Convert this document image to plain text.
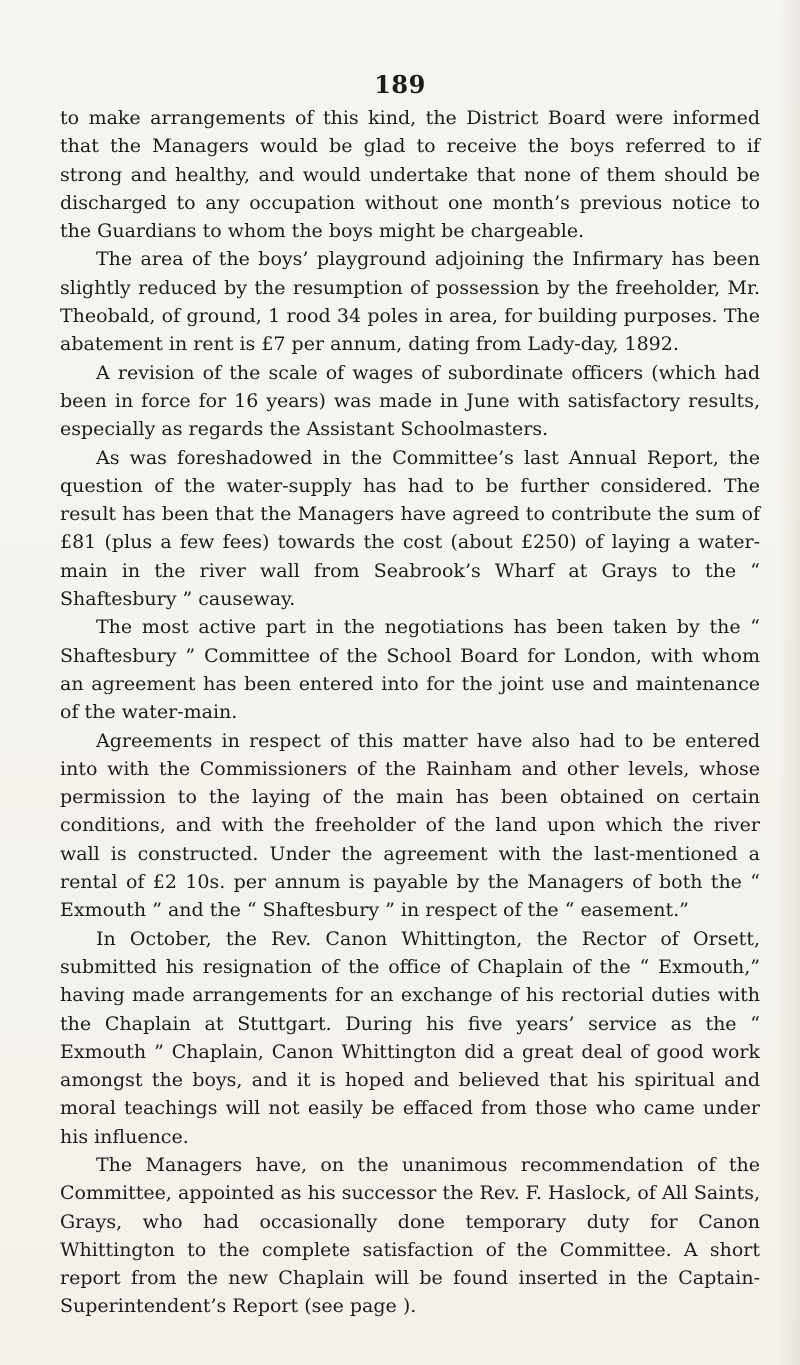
189

to make arrangements of this kind, the District Board were informed that the Managers would be glad to receive the boys referred to if strong and healthy, and would undertake that none of them should be discharged to any occupation without one month’s previous notice to the Guardians to whom the boys might be chargeable.

The area of the boys’ playground adjoining the Infirmary has been slightly reduced by the resumption of possession by the freeholder, Mr. Theobald, of ground, 1 rood 34 poles in area, for building purposes. The abatement in rent is £7 per annum, dating from Lady-day, 1892.

A revision of the scale of wages of subordinate officers (which had been in force for 16 years) was made in June with satisfactory results, especially as regards the Assistant Schoolmasters.

As was foreshadowed in the Committee’s last Annual Report, the question of the water-supply has had to be further considered. The result has been that the Managers have agreed to contribute the sum of £81 (plus a few fees) towards the cost (about £250) of laying a water-main in the river wall from Seabrook’s Wharf at Grays to the “ Shaftesbury ” causeway.

The most active part in the negotiations has been taken by the “ Shaftesbury ” Committee of the School Board for London, with whom an agreement has been entered into for the joint use and maintenance of the water-main.

Agreements in respect of this matter have also had to be entered into with the Commissioners of the Rainham and other levels, whose permission to the laying of the main has been obtained on certain conditions, and with the freeholder of the land upon which the river wall is constructed. Under the agreement with the last-mentioned a rental of £2 10s. per annum is payable by the Managers of both the “ Exmouth ” and the “ Shaftesbury ” in respect of the “ easement.”

In October, the Rev. Canon Whittington, the Rector of Orsett, submitted his resignation of the office of Chaplain of the “ Exmouth,” having made arrangements for an exchange of his rectorial duties with the Chaplain at Stuttgart. During his five years’ service as the “ Exmouth ” Chaplain, Canon Whittington did a great deal of good work amongst the boys, and it is hoped and believed that his spiritual and moral teachings will not easily be effaced from those who came under his influence.

The Managers have, on the unanimous recommendation of the Committee, appointed as his successor the Rev. F. Haslock, of All Saints, Grays, who had occasionally done temporary duty for Canon Whittington to the complete satisfaction of the Committee. A short report from the new Chaplain will be found inserted in the Captain-Superintendent’s Report (see page ).
